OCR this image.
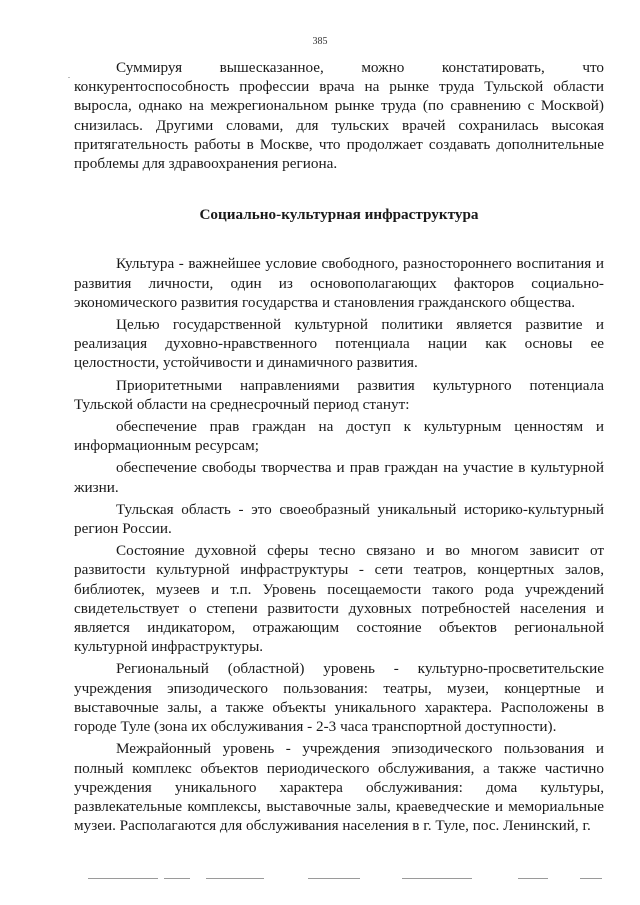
385

Суммируя вышесказанное, можно констатировать, что конкурентоспособность профессии врача на рынке труда Тульской области выросла, однако на межрегиональном рынке труда (по сравнению с Москвой) снизилась. Другими словами, для тульских врачей сохранилась высокая притягательность работы в Москве, что продолжает создавать дополнительные проблемы для здравоохранения региона.

Социально-культурная инфраструктура

Культура - важнейшее условие свободного, разностороннего воспитания и развития личности, один из основополагающих факторов социально-экономического развития государства и становления гражданского общества.

Целью государственной культурной политики является развитие и реализация духовно-нравственного потенциала нации как основы ее целостности, устойчивости и динамичного развития.

Приоритетными направлениями развития культурного потенциала Тульской области на среднесрочный период станут:

обеспечение прав граждан на доступ к культурным ценностям и информационным ресурсам;

обеспечение свободы творчества и прав граждан на участие в культурной жизни.

Тульская область - это своеобразный уникальный историко-культурный регион России.

Состояние духовной сферы тесно связано и во многом зависит от развитости культурной инфраструктуры - сети театров, концертных залов, библиотек, музеев и т.п. Уровень посещаемости такого рода учреждений свидетельствует о степени развитости духовных потребностей населения и является индикатором, отражающим состояние объектов региональной культурной инфраструктуры.

Региональный (областной) уровень - культурно-просветительские учреждения эпизодического пользования: театры, музеи, концертные и выставочные залы, а также объекты уникального характера. Расположены в городе Туле (зона их обслуживания - 2-3 часа транспортной доступности).

Межрайонный уровень - учреждения эпизодического пользования и полный комплекс объектов периодического обслуживания, а также частично учреждения уникального характера обслуживания: дома культуры, развлекательные комплексы, выставочные залы, краеведческие и мемориальные музеи. Располагаются для обслуживания населения в г. Туле, пос. Ленинский, г.
